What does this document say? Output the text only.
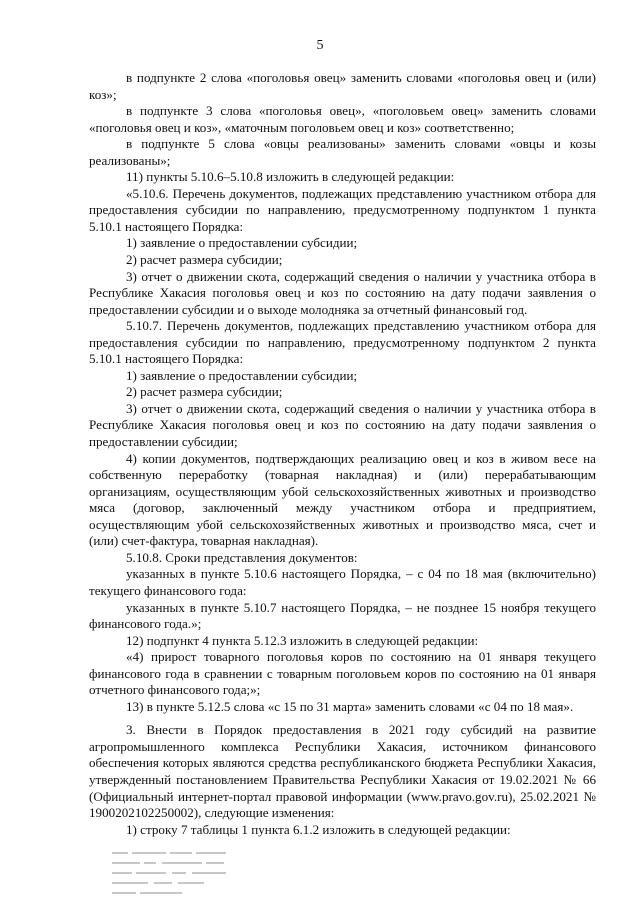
5

в подпункте 2 слова «поголовья овец» заменить словами «поголовья овец и (или) коз»;

в подпункте 3 слова «поголовья овец», «поголовьем овец» заменить словами «поголовья овец и коз», «маточным поголовьем овец и коз» соответственно;

в подпункте 5 слова «овцы реализованы» заменить словами «овцы и козы реализованы»;

11) пункты 5.10.6–5.10.8 изложить в следующей редакции:

«5.10.6. Перечень документов, подлежащих представлению участником отбора для предоставления субсидии по направлению, предусмотренному подпунктом 1 пункта 5.10.1 настоящего Порядка:

1) заявление о предоставлении субсидии;

2) расчет размера субсидии;

3) отчет о движении скота, содержащий сведения о наличии у участника отбора в Республике Хакасия поголовья овец и коз по состоянию на дату подачи заявления о предоставлении субсидии и о выходе молодняка за отчетный финансовый год.

5.10.7. Перечень документов, подлежащих представлению участником отбора для предоставления субсидии по направлению, предусмотренному подпунктом 2 пункта 5.10.1 настоящего Порядка:

1) заявление о предоставлении субсидии;

2) расчет размера субсидии;

3) отчет о движении скота, содержащий сведения о наличии у участника отбора в Республике Хакасия поголовья овец и коз по состоянию на дату подачи заявления о предоставлении субсидии;

4) копии документов, подтверждающих реализацию овец и коз в живом весе на собственную переработку (товарная накладная) и (или) перерабатывающим организациям, осуществляющим убой сельскохозяйственных животных и производство мяса (договор, заключенный между участником отбора и предприятием, осуществляющим убой сельскохозяйственных животных и производство мяса, счет и (или) счет-фактура, товарная накладная).

5.10.8. Сроки представления документов:

указанных в пункте 5.10.6 настоящего Порядка, – с 04 по 18 мая (включительно) текущего финансового года:

указанных в пункте 5.10.7 настоящего Порядка, – не позднее 15 ноября текущего финансового года.»;

12) подпункт 4 пункта 5.12.3 изложить в следующей редакции:

«4) прирост товарного поголовья коров по состоянию на 01 января текущего финансового года в сравнении с товарным поголовьем коров по состоянию на 01 января отчетного финансового года;»;

13) в пункте 5.12.5 слова «с 15 по 31 марта» заменить словами «с 04 по 18 мая».

3. Внести в Порядок предоставления в 2021 году субсидий на развитие агропромышленного комплекса Республики Хакасия, источником финансового обеспечения которых являются средства республиканского бюджета Республики Хакасия, утвержденный постановлением Правительства Республики Хакасия от 19.02.2021 № 66 (Официальный интернет-портал правовой информации (www.pravo.gov.ru), 25.02.2021 № 1900202102250002), следующие изменения:

1) строку 7 таблицы 1 пункта 6.1.2 изложить в следующей редакции:
